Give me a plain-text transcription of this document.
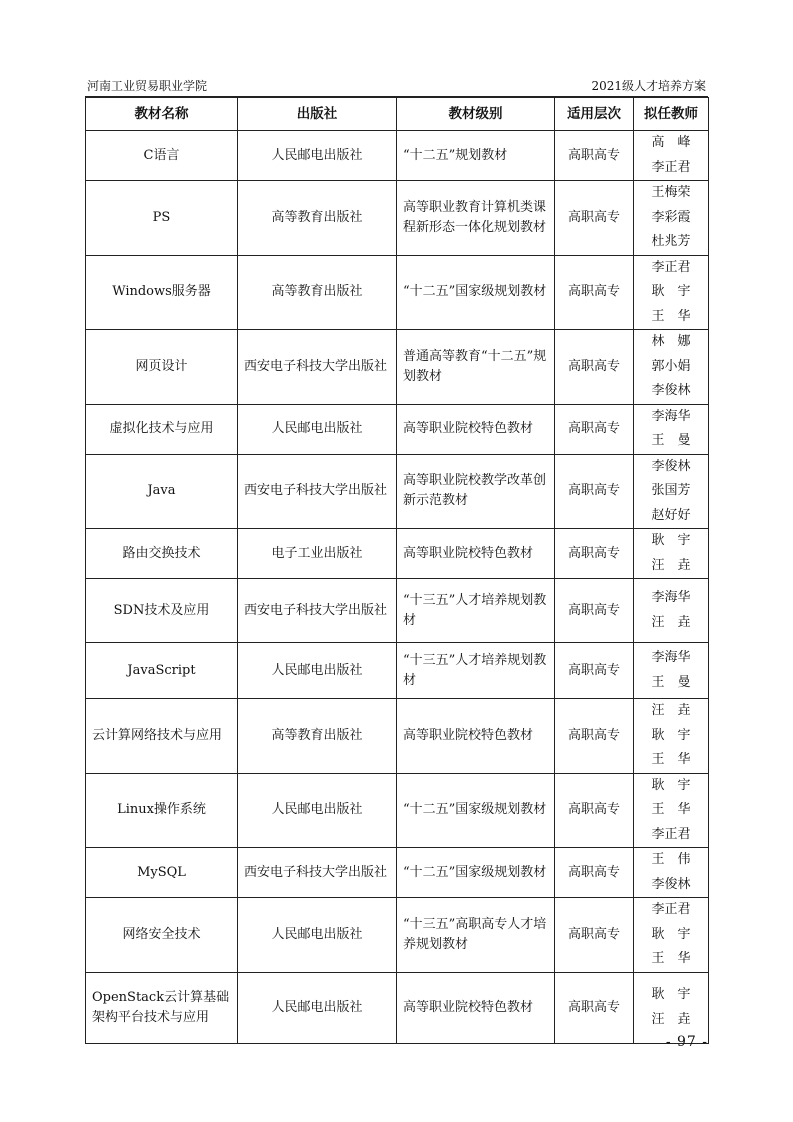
河南工业贸易职业学院	2021级人才培养方案
教材名称	出版社	教材级别	适用层次	拟任教师
C语言	人民邮电出版社	“十二五”规划教材	高职高专	高　峰
李正君

PS	高等教育出版社	高等职业教育计算机类课程新形态一体化规划教材	高职高专	王梅荣
李彩霞
杜兆芳

Windows服务器	高等教育出版社	“十二五”国家级规划教材	高职高专	李正君
耿　宇
王　华

网页设计	西安电子科技大学出版社	普通高等教育“十二五”规划教材	高职高专	林　娜
郭小娟
李俊林

虚拟化技术与应用	人民邮电出版社	高等职业院校特色教材	高职高专	李海华
王　曼

Java	西安电子科技大学出版社	高等职业院校教学改革创新示范教材	高职高专	李俊林
张国芳
赵好好

路由交换技术	电子工业出版社	高等职业院校特色教材	高职高专	耿　宇
汪　垚

SDN技术及应用	西安电子科技大学出版社	“十三五”人才培养规划教材	高职高专	李海华
汪　垚

JavaScript	人民邮电出版社	“十三五”人才培养规划教材	高职高专	李海华
王　曼

云计算网络技术与应用	高等教育出版社	高等职业院校特色教材	高职高专	汪　垚
耿　宇
王　华

Linux操作系统	人民邮电出版社	“十二五”国家级规划教材	高职高专	耿　宇
王　华
李正君

MySQL	西安电子科技大学出版社	“十二五”国家级规划教材	高职高专	王　伟
李俊林

网络安全技术	人民邮电出版社	“十三五”高职高专人才培养规划教材	高职高专	李正君
耿　宇
王　华

OpenStack云计算基础架构平台技术与应用	人民邮电出版社	高等职业院校特色教材	高职高专	耿　宇
汪　垚
- 97 -
